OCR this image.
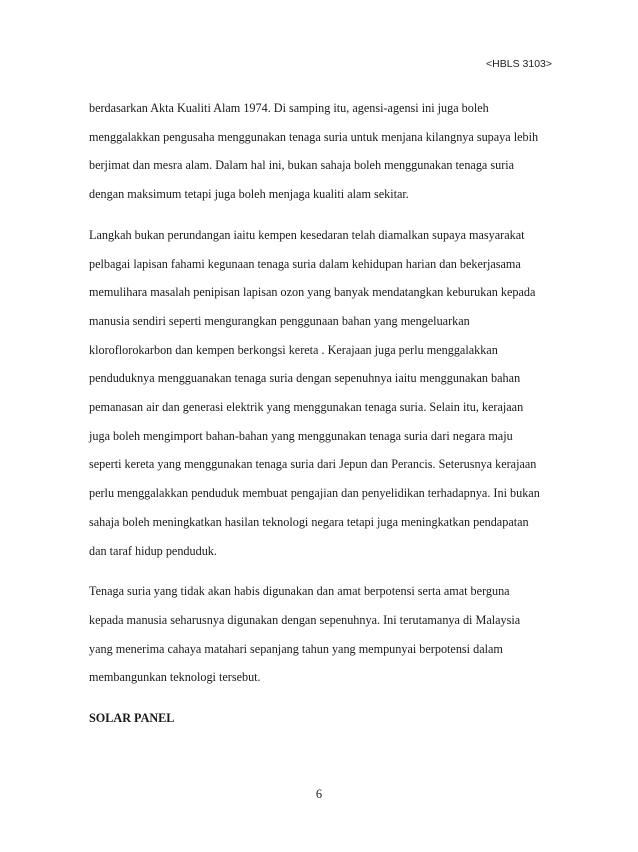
<HBLS 3103>

berdasarkan Akta Kualiti Alam 1974. Di samping itu, agensi-agensi ini juga boleh
menggalakkan pengusaha menggunakan tenaga suria untuk menjana kilangnya supaya lebih
berjimat dan mesra alam. Dalam hal ini, bukan sahaja boleh menggunakan tenaga suria
dengan maksimum tetapi juga boleh menjaga kualiti alam sekitar.

Langkah bukan perundangan iaitu kempen kesedaran telah diamalkan supaya masyarakat
pelbagai lapisan fahami kegunaan tenaga suria dalam kehidupan harian dan bekerjasama
memulihara masalah penipisan lapisan ozon yang banyak mendatangkan keburukan kepada
manusia sendiri seperti mengurangkan penggunaan bahan yang mengeluarkan
kloroflorokarbon dan kempen berkongsi kereta . Kerajaan juga perlu menggalakkan
penduduknya mengguanakan tenaga suria dengan sepenuhnya iaitu menggunakan bahan
pemanasan air dan generasi elektrik yang menggunakan tenaga suria. Selain itu, kerajaan
juga boleh mengimport bahan-bahan yang menggunakan tenaga suria dari negara maju
seperti kereta yang menggunakan tenaga suria dari Jepun dan Perancis. Seterusnya kerajaan
perlu menggalakkan penduduk membuat pengajian dan penyelidikan terhadapnya. Ini bukan
sahaja boleh meningkatkan hasilan teknologi negara tetapi juga meningkatkan pendapatan
dan taraf hidup penduduk.

Tenaga suria yang tidak akan habis digunakan dan amat berpotensi serta amat berguna
kepada manusia seharusnya digunakan dengan sepenuhnya. Ini terutamanya di Malaysia
yang menerima cahaya matahari sepanjang tahun yang mempunyai berpotensi dalam
membangunkan teknologi tersebut.

SOLAR PANEL

6
